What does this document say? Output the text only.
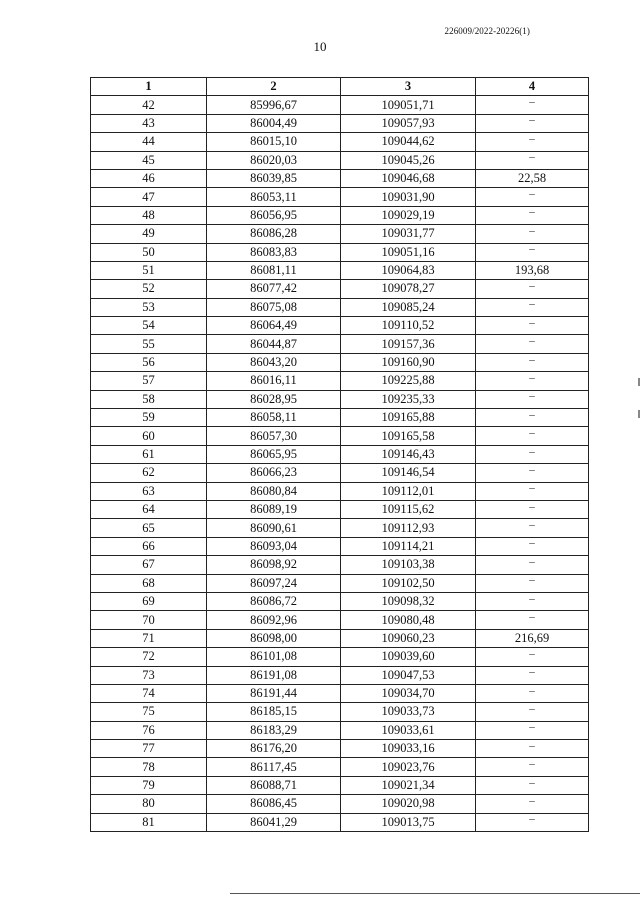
226009/2022-20226(1)
10
1	2	3	4
42	85996,67	109051,71	–
43	86004,49	109057,93	–
44	86015,10	109044,62	–
45	86020,03	109045,26	–
46	86039,85	109046,68	22,58
47	86053,11	109031,90	–
48	86056,95	109029,19	–
49	86086,28	109031,77	–
50	86083,83	109051,16	–
51	86081,11	109064,83	193,68
52	86077,42	109078,27	–
53	86075,08	109085,24	–
54	86064,49	109110,52	–
55	86044,87	109157,36	–
56	86043,20	109160,90	–
57	86016,11	109225,88	–
58	86028,95	109235,33	–
59	86058,11	109165,88	–
60	86057,30	109165,58	–
61	86065,95	109146,43	–
62	86066,23	109146,54	–
63	86080,84	109112,01	–
64	86089,19	109115,62	–
65	86090,61	109112,93	–
66	86093,04	109114,21	–
67	86098,92	109103,38	–
68	86097,24	109102,50	–
69	86086,72	109098,32	–
70	86092,96	109080,48	–
71	86098,00	109060,23	216,69
72	86101,08	109039,60	–
73	86191,08	109047,53	–
74	86191,44	109034,70	–
75	86185,15	109033,73	–
76	86183,29	109033,61	–
77	86176,20	109033,16	–
78	86117,45	109023,76	–
79	86088,71	109021,34	–
80	86086,45	109020,98	–
81	86041,29	109013,75	–
